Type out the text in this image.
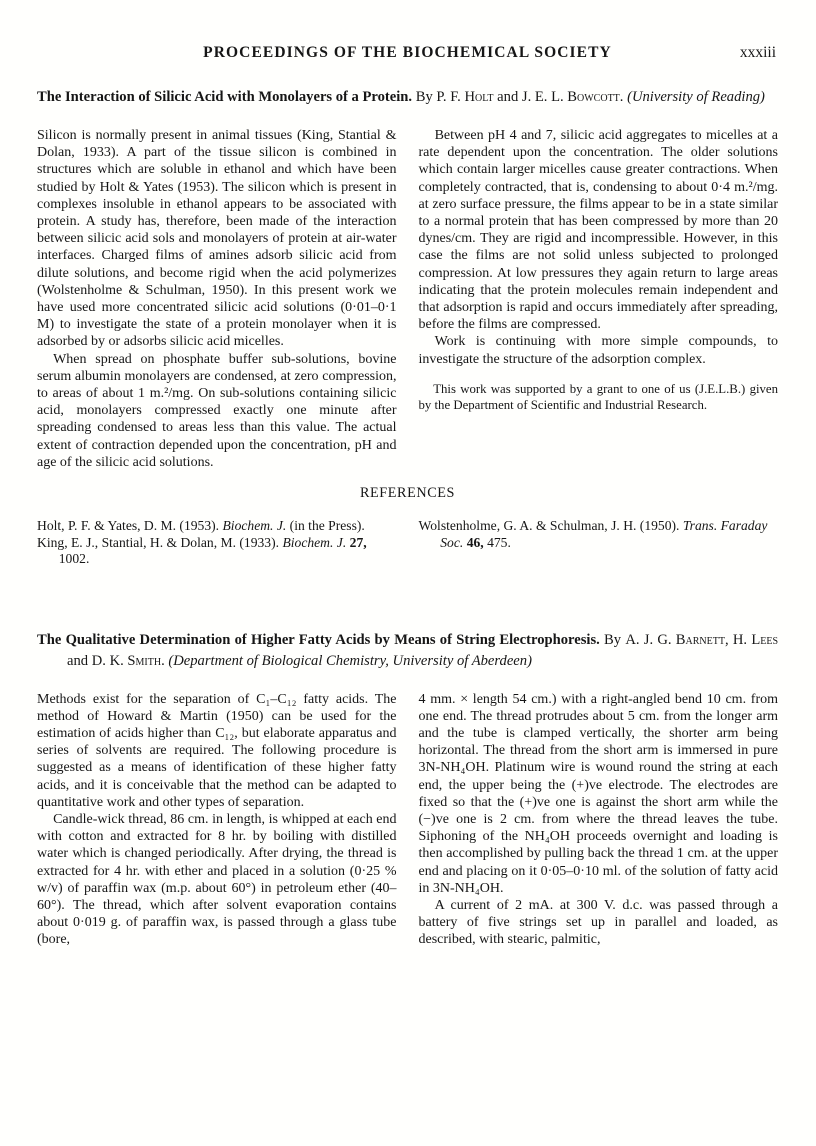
PROCEEDINGS OF THE BIOCHEMICAL SOCIETY	xxxiii

The Interaction of Silicic Acid with Monolayers of a Protein. By P. F. Holt and J. E. L. Bowcott. (University of Reading)

Silicon is normally present in animal tissues (King, Stantial & Dolan, 1933). A part of the tissue silicon is combined in structures which are soluble in ethanol and which have been studied by Holt & Yates (1953). The silicon which is present in complexes insoluble in ethanol appears to be associated with protein. A study has, therefore, been made of the interaction between silicic acid sols and monolayers of protein at air-water interfaces. Charged films of amines adsorb silicic acid from dilute solutions, and become rigid when the acid polymerizes (Wolstenholme & Schulman, 1950). In this present work we have used more concentrated silicic acid solutions (0·01–0·1 M) to investigate the state of a protein monolayer when it is adsorbed by or adsorbs silicic acid micelles.

When spread on phosphate buffer sub-solutions, bovine serum albumin monolayers are condensed, at zero compression, to areas of about 1 m.²/mg. On sub-solutions containing silicic acid, monolayers compressed exactly one minute after spreading condensed to areas less than this value. The actual extent of contraction depended upon the concentration, pH and age of the silicic acid solutions.

Between pH 4 and 7, silicic acid aggregates to micelles at a rate dependent upon the concentration. The older solutions which contain larger micelles cause greater contractions. When completely contracted, that is, condensing to about 0·4 m.²/mg. at zero surface pressure, the films appear to be in a state similar to a normal protein that has been compressed by more than 20 dynes/cm. They are rigid and incompressible. However, in this case the films are not solid unless subjected to prolonged compression. At low pressures they again return to large areas indicating that the protein molecules remain independent and that adsorption is rapid and occurs immediately after spreading, before the films are compressed.

Work is continuing with more simple compounds, to investigate the structure of the adsorption complex.

This work was supported by a grant to one of us (J.E.L.B.) given by the Department of Scientific and Industrial Research.

REFERENCES

Holt, P. F. & Yates, D. M. (1953). Biochem. J. (in the Press).

King, E. J., Stantial, H. & Dolan, M. (1933). Biochem. J. 27, 1002.

Wolstenholme, G. A. & Schulman, J. H. (1950). Trans. Faraday Soc. 46, 475.

The Qualitative Determination of Higher Fatty Acids by Means of String Electrophoresis. By A. J. G. Barnett, H. Lees and D. K. Smith. (Department of Biological Chemistry, University of Aberdeen)

Methods exist for the separation of C₁–C₁₂ fatty acids. The method of Howard & Martin (1950) can be used for the estimation of acids higher than C₁₂, but elaborate apparatus and series of solvents are required. The following procedure is suggested as a means of identification of these higher fatty acids, and it is conceivable that the method can be adapted to quantitative work and other types of separation.

Candle-wick thread, 86 cm. in length, is whipped at each end with cotton and extracted for 8 hr. by boiling with distilled water which is changed periodically. After drying, the thread is extracted for 4 hr. with ether and placed in a solution (0·25 % w/v) of paraffin wax (m.p. about 60°) in petroleum ether (40–60°). The thread, which after solvent evaporation contains about 0·019 g. of paraffin wax, is passed through a glass tube (bore,

4 mm. × length 54 cm.) with a right-angled bend 10 cm. from one end. The thread protrudes about 5 cm. from the longer arm and the tube is clamped vertically, the shorter arm being horizontal. The thread from the short arm is immersed in pure 3N-NH₄OH. Platinum wire is wound round the string at each end, the upper being the (+)ve electrode. The electrodes are fixed so that the (+)ve one is against the short arm while the (−)ve one is 2 cm. from where the thread leaves the tube. Siphoning of the NH₄OH proceeds overnight and loading is then accomplished by pulling back the thread 1 cm. at the upper end and placing on it 0·05–0·10 ml. of the solution of fatty acid in 3N-NH₄OH.

A current of 2 mA. at 300 V. d.c. was passed through a battery of five strings set up in parallel and loaded, as described, with stearic, palmitic,
